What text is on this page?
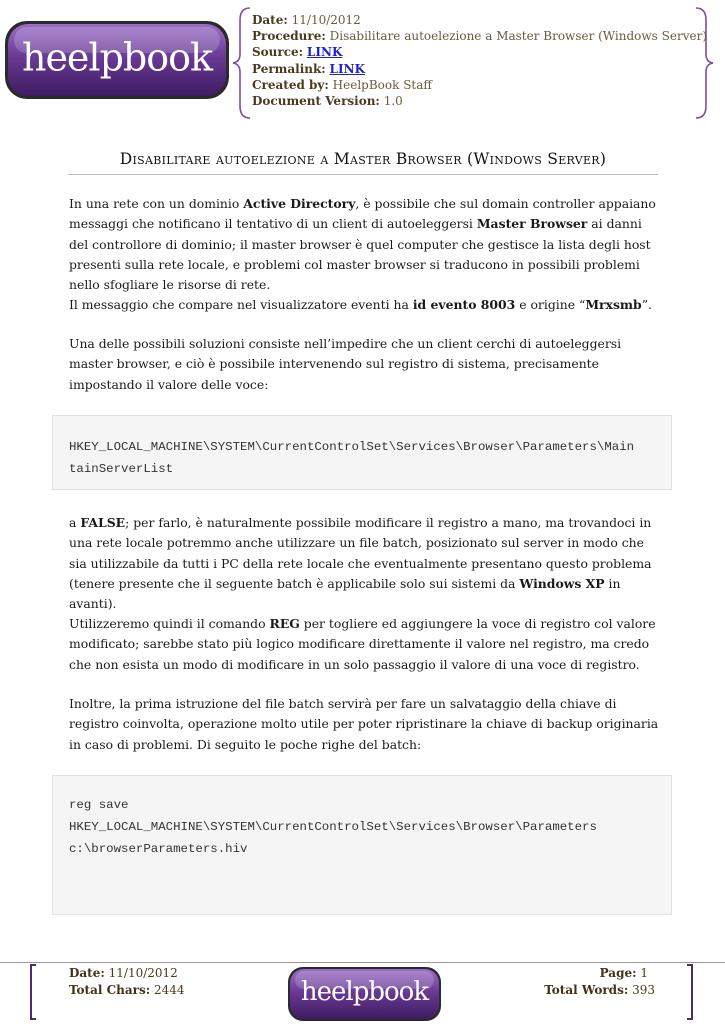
heelpbook
Date: 11/10/2012
Procedure: Disabilitare autoelezione a Master Browser (Windows Server)
Source: LINK
Permalink: LINK
Created by: HeelpBook Staff
Document Version: 1.0
Disabilitare autoelezione a Master Browser (Windows Server)
In una rete con un dominio Active Directory, è possibile che sul domain controller appaiano messaggi che notificano il tentativo di un client di autoeleggersi Master Browser ai danni del controllore di dominio; il master browser è quel computer che gestisce la lista degli host presenti sulla rete locale, e problemi col master browser si traducono in possibili problemi nello sfogliare le risorse di rete.
Il messaggio che compare nel visualizzatore eventi ha id evento 8003 e origine “Mrxsmb”.
Una delle possibili soluzioni consiste nell’impedire che un client cerchi di autoeleggersi
master browser, e ciò è possibile intervenendo sul registro di sistema, precisamente impostando il valore delle voce:
HKEY_LOCAL_MACHINE\SYSTEM\CurrentControlSet\Services\Browser\Parameters\Main
tainServerList
a FALSE; per farlo, è naturalmente possibile modificare il registro a mano, ma trovandoci in una rete locale potremmo anche utilizzare un file batch, posizionato sul server in modo che sia utilizzabile da tutti i PC della rete locale che eventualmente presentano questo problema (tenere presente che il seguente batch è applicabile solo sui sistemi da Windows XP in avanti).
Utilizzeremo quindi il comando REG per togliere ed aggiungere la voce di registro col valore modificato; sarebbe stato più logico modificare direttamente il valore nel registro, ma credo che non esista un modo di modificare in un solo passaggio il valore di una voce di registro.
Inoltre, la prima istruzione del file batch servirà per fare un salvataggio della chiave di registro coinvolta, operazione molto utile per poter ripristinare la chiave di backup originaria in caso di problemi. Di seguito le poche righe del batch:
reg save
HKEY_LOCAL_MACHINE\SYSTEM\CurrentControlSet\Services\Browser\Parameters
c:\browserParameters.hiv
Date: 11/10/2012
Total Chars: 2444
Page: 1
Total Words: 393
heelpbook
